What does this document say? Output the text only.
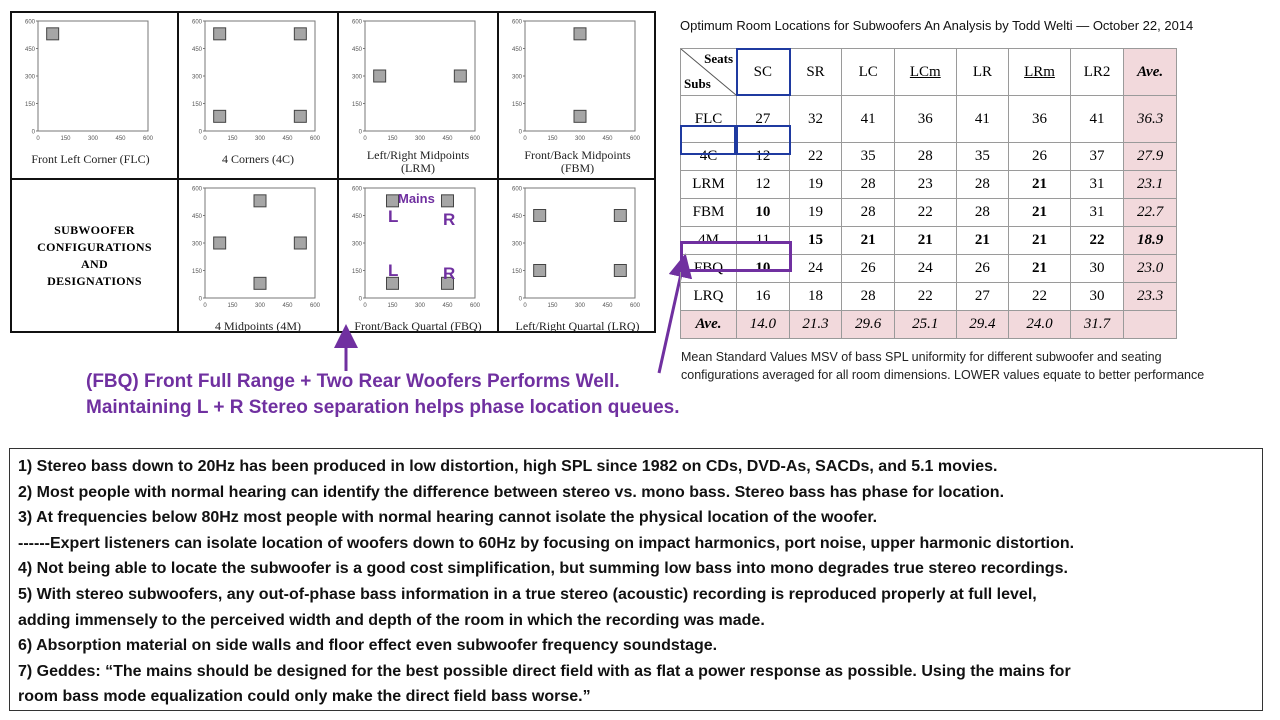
SUBWOOFER
CONFIGURATIONS
AND
DESIGNATIONS
600
450
300
150
0
0	150	300	450	600
Front Left Corner (FLC)
600
450
300
150
0
0	150	300	450	600
4 Corners (4C)
600
450
300
150
0
0	150	300	450	600
Left/Right Midpoints
(LRM)
600
450
300
150
0
0	150	300	450	600
Front/Back Midpoints
(FBM)
600
450
300
150
0
0	150	300	450	600
4 Midpoints (4M)
600
450
300
150
0
0	150	300	450	600
Front/Back Quartal (FBQ)
Mains
L	R
L	R
600
450
300
150
0
0	150	300	450	600
Left/Right Quartal (LRQ)
Optimum Room Locations for Subwoofers An Analysis by Todd Welti — October 22, 2014
Seats
Subs	SC	SR	LC	LCm	LR	LRm	LR2	Ave.
FLC	27	32	41	36	41	36	41	36.3
4C	12	22	35	28	35	26	37	27.9
LRM	12	19	28	23	28	21	31	23.1
FBM	10	19	28	22	28	21	31	22.7
4M	11	15	21	21	21	21	22	18.9
FBQ	10	24	26	24	26	21	30	23.0
LRQ	16	18	28	22	27	22	30	23.3
Ave.	14.0	21.3	29.6	25.1	29.4	24.0	31.7	
Mean Standard Values MSV of bass SPL uniformity for different subwoofer and seating
configurations averaged for all room dimensions. LOWER values equate to better performance
(FBQ) Front Full Range + Two Rear Woofers Performs Well.
Maintaining L + R Stereo separation helps phase location queues.
1) Stereo bass down to 20Hz has been produced in low distortion, high SPL since 1982 on CDs, DVD-As, SACDs, and 5.1 movies.
2) Most people with normal hearing can identify the difference between stereo vs. mono bass. Stereo bass has phase for location.
3) At frequencies below 80Hz most people with normal hearing cannot isolate the physical location of the woofer.
------Expert listeners can isolate location of woofers down to 60Hz by focusing on impact harmonics, port noise, upper harmonic distortion.
4) Not being able to locate the subwoofer is a good cost simplification, but summing low bass into mono degrades true stereo recordings.
5) With stereo subwoofers, any out-of-phase bass information in a true stereo (acoustic) recording is reproduced properly at full level,
adding immensely to the perceived width and depth of the room in which the recording was made.
6) Absorption material on side walls and floor effect even subwoofer frequency soundstage.
7) Geddes: “The mains should be designed for the best possible direct field with as flat a power response as possible. Using the mains for
room bass mode equalization could only make the direct field bass worse.”
